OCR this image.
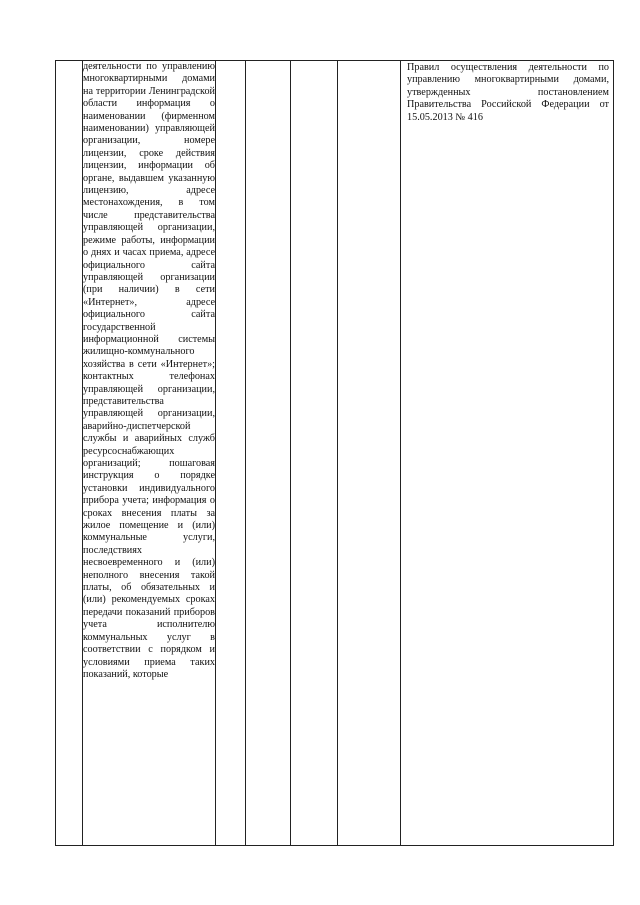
	деятельности по управлению многоквартирными домами на территории Ленинградской области информация о наименовании (фирменном наименовании) управляющей организации, номере лицензии, сроке действия лицензии, информации об органе, выдавшем указанную лицензию, адресе местонахождения, в том числе представительства управляющей организации, режиме работы, информации о днях и часах приема, адресе официального сайта управляющей организации (при наличии) в сети «Интернет», адресе официального сайта государственной информационной системы жилищно-коммунального хозяйства в сети «Интернет»; контактных телефонах управляющей организации, представительства управляющей организации, аварийно-диспетчерской службы и аварийных служб ресурсоснабжающих организаций; пошаговая инструкция о порядке установки индивидуального прибора учета; информация о сроках внесения платы за жилое помещение и (или) коммунальные услуги, последствиях несвоевременного и (или) неполного внесения такой платы, об обязательных и (или) рекомендуемых сроках передачи показаний приборов учета исполнителю коммунальных услуг в соответствии с порядком и условиями приема таких показаний, которые					Правил осуществления деятельности по управлению многоквартирными домами, утвержденных постановлением Правительства Российской Федерации от 15.05.2013 № 416
